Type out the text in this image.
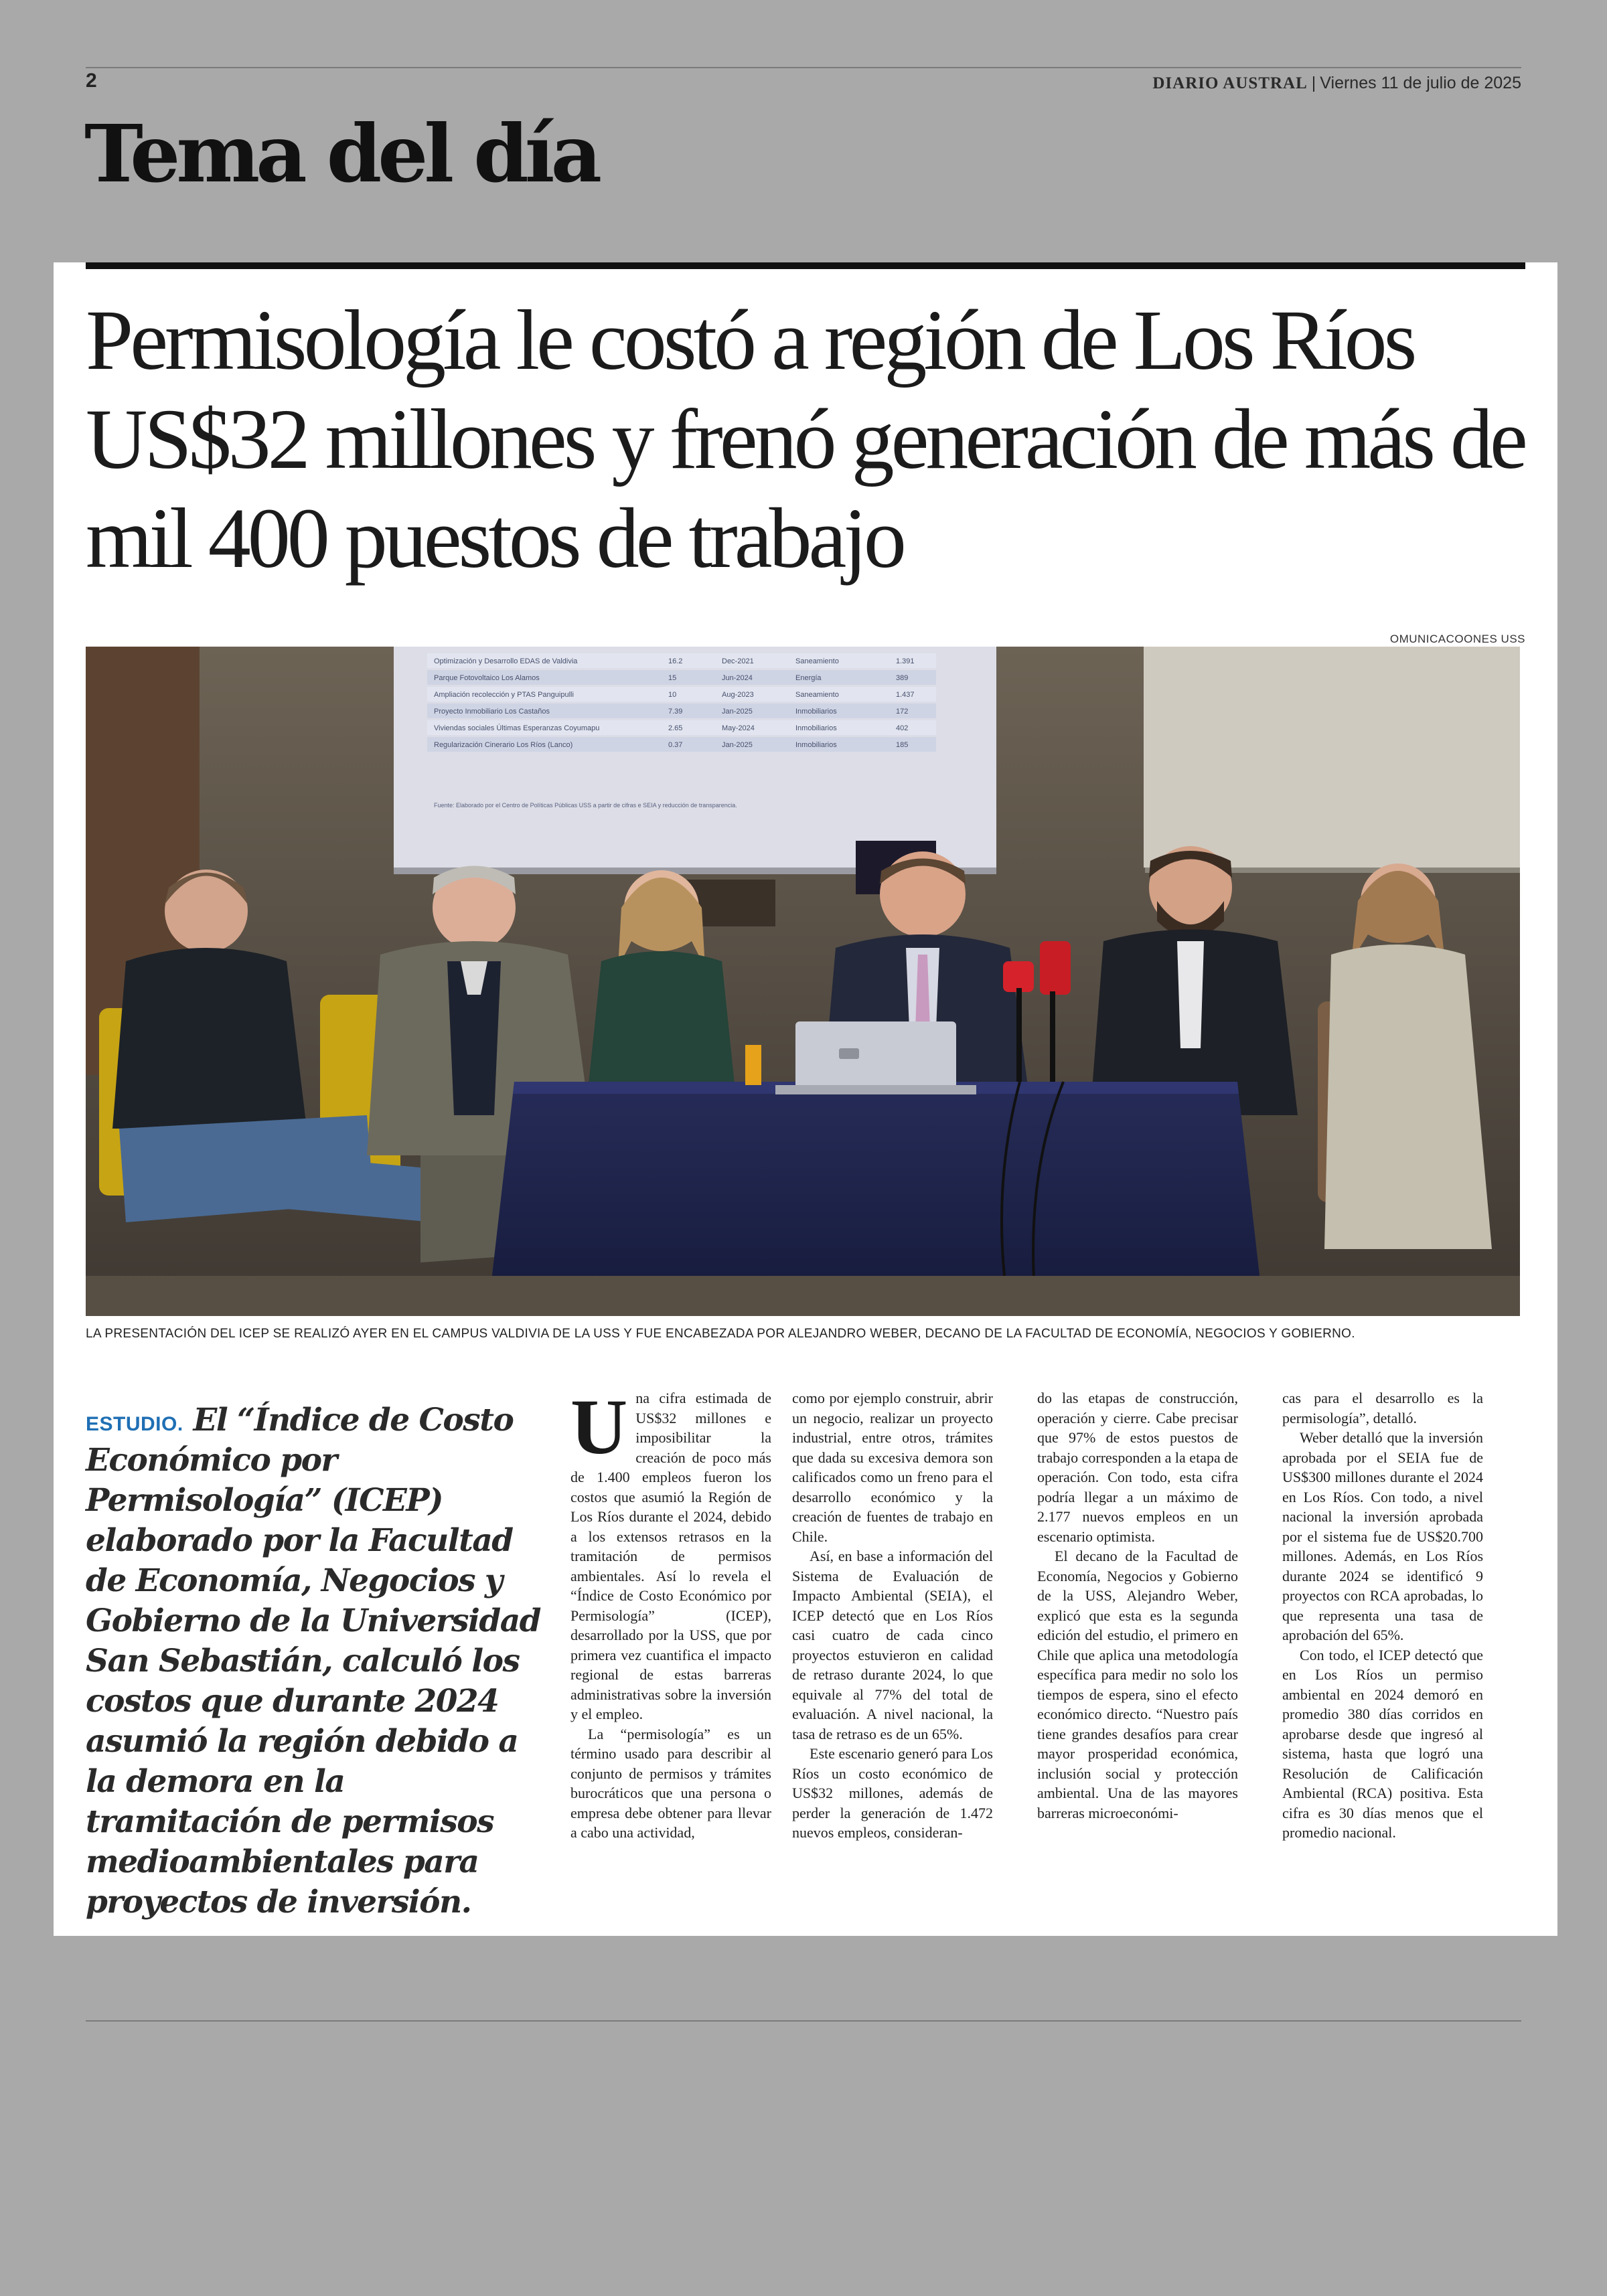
2	DIARIO AUSTRAL | Viernes 11 de julio de 2025
Tema del día
Permisología le costó a región de Los Ríos US$32 millones y frenó generación de más de mil 400 puestos de trabajo
OMUNICACOONES USS
Optimización y Desarrollo EDAS de Valdivia	16.2	Dec-2021	Saneamiento	1.391
Parque Fotovoltaico Los Alamos	15	Jun-2024	Energía	389
Ampliación recolección y PTAS Panguipulli	10	Aug-2023	Saneamiento	1.437
Proyecto Inmobiliario Los Castaños	7.39	Jan-2025	Inmobiliarios	172
Viviendas sociales Últimas Esperanzas Coyumapu	2.65	May-2024	Inmobiliarios	402
Regularización Cinerario Los Ríos (Lanco)	0.37	Jan-2025	Inmobiliarios	185
Fuente: Elaborado por el Centro de Políticas Públicas USS a partir de cifras e SEIA y reducción de transparencia.
LA PRESENTACIÓN DEL ICEP SE REALIZÓ AYER EN EL CAMPUS VALDIVIA DE LA USS Y FUE ENCABEZADA POR ALEJANDRO WEBER, DECANO DE LA FACULTAD DE ECONOMÍA, NEGOCIOS Y GOBIERNO.
ESTUDIO. El “Índice de Costo Económico por Permisología” (ICEP) elaborado por la Facultad de Economía, Negocios y Gobierno de la Universidad San Sebastián, calculó los costos que durante 2024 asumió la región debido a la demora en la tramitación de permisos medioambientales para proyectos de inversión.
U na cifra estimada de US$32 millones e imposibilitar la creación de poco más de 1.400 empleos fueron los costos que asumió la Región de Los Ríos durante el 2024, debido a los extensos retrasos en la tramitación de permisos ambientales. Así lo revela el “Índice de Costo Económico por Permisología” (ICEP), desarrollado por la USS, que por primera vez cuantifica el impacto regional de estas barreras administrativas sobre la inversión y el empleo.

La “permisología” es un término usado para describir al conjunto de permisos y trámites burocráticos que una persona o empresa debe obtener para llevar a cabo una actividad,

como por ejemplo construir, abrir un negocio, realizar un proyecto industrial, entre otros, trámites que dada su excesiva demora son calificados como un freno para el desarrollo económico y la creación de fuentes de trabajo en Chile.

Así, en base a información del Sistema de Evaluación de Impacto Ambiental (SEIA), el ICEP detectó que en Los Ríos casi cuatro de cada cinco proyectos estuvieron en calidad de retraso durante 2024, lo que equivale al 77% del total de evaluación. A nivel nacional, la tasa de retraso es de un 65%.

Este escenario generó para Los Ríos un costo económico de US$32 millones, además de perder la generación de 1.472 nuevos empleos, consideran-

do las etapas de construcción, operación y cierre. Cabe precisar que 97% de estos puestos de trabajo corresponden a la etapa de operación. Con todo, esta cifra podría llegar a un máximo de 2.177 nuevos empleos en un escenario optimista.

El decano de la Facultad de Economía, Negocios y Gobierno de la USS, Alejandro Weber, explicó que esta es la segunda edición del estudio, el primero en Chile que aplica una metodología específica para medir no solo los tiempos de espera, sino el efecto económico directo. “Nuestro país tiene grandes desafíos para crear mayor prosperidad económica, inclusión social y protección ambiental. Una de las mayores barreras microeconómi-

cas para el desarrollo es la permisología”, detalló.

Weber detalló que la inversión aprobada por el SEIA fue de US$300 millones durante el 2024 en Los Ríos. Con todo, a nivel nacional la inversión aprobada por el sistema fue de US$20.700 millones. Además, en Los Ríos durante 2024 se identificó 9 proyectos con RCA aprobadas, lo que representa una tasa de aprobación del 65%.

Con todo, el ICEP detectó que en Los Ríos un permiso ambiental en 2024 demoró en promedio 380 días corridos en aprobarse desde que ingresó al sistema, hasta que logró una Resolución de Calificación Ambiental (RCA) positiva. Esta cifra es 30 días menos que el promedio nacional.
